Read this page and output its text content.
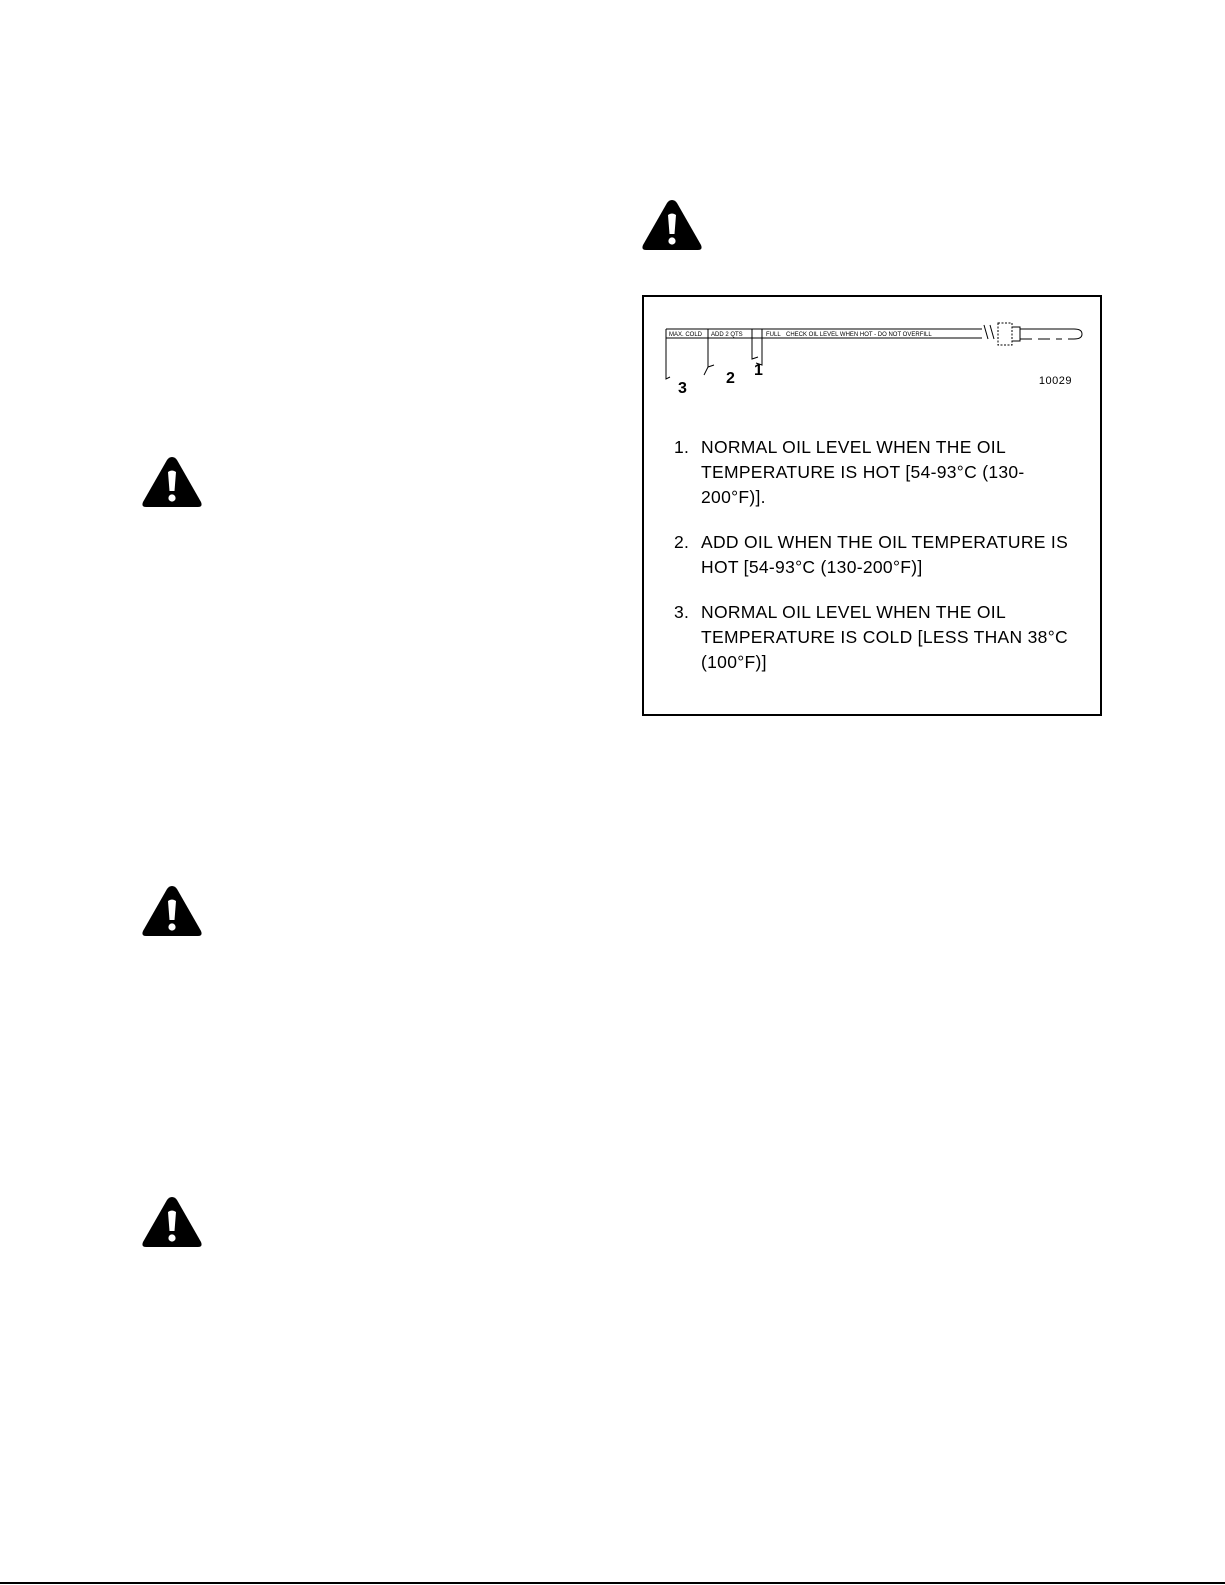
MAX. COLD ADD 2 QTS	FULL CHECK OIL LEVEL WHEN HOT - DO NOT OVERFILL
3
2 1
10029
1. NORMAL OIL LEVEL WHEN THE OIL TEMPERATURE IS HOT [54-93°C (130- 200°F)].
2. ADD OIL WHEN THE OIL TEMPERATURE IS HOT [54-93°C (130-200°F)]
3. NORMAL OIL LEVEL WHEN THE OIL TEMPERATURE IS COLD [LESS THAN 38°C (100°F)]
